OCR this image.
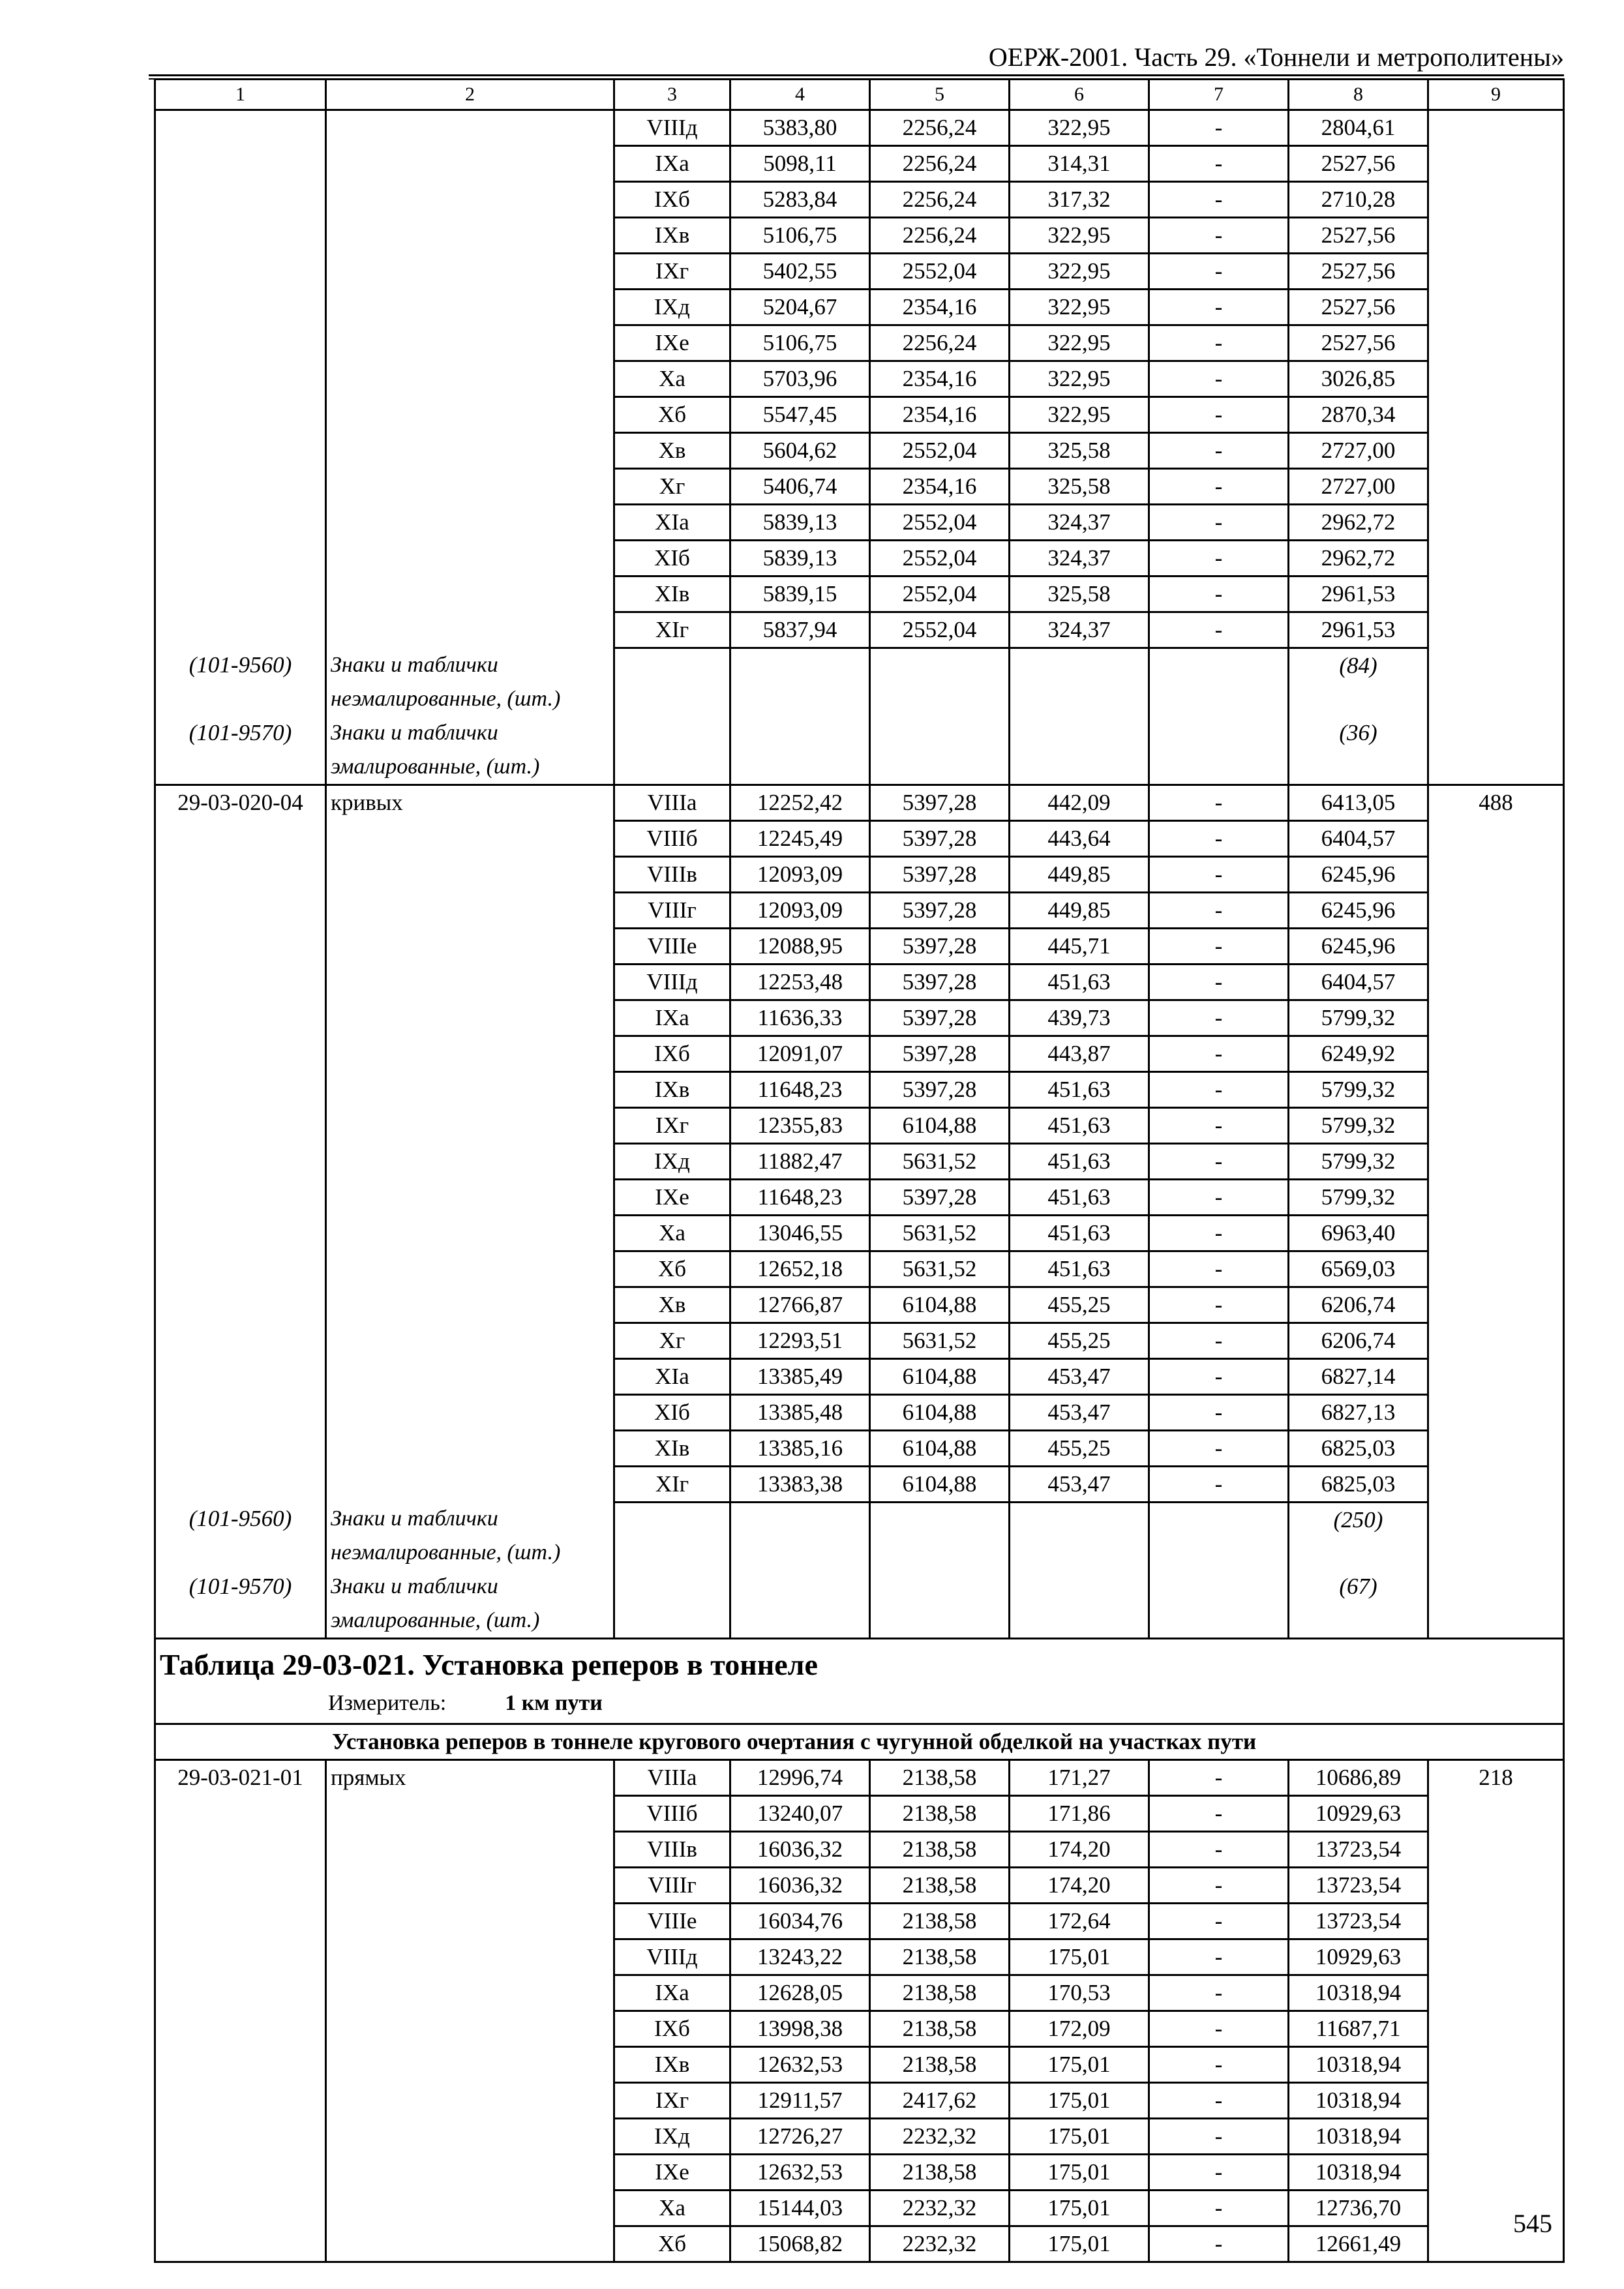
ОЕРЖ-2001. Часть 29. «Тоннели и метрополитены»
1	2	3	4	5	6	7	8	9
		VIIIд	5383,80	2256,24	322,95	-	2804,61	
		IXа	5098,11	2256,24	314,31	-	2527,56	
		IXб	5283,84	2256,24	317,32	-	2710,28	
		IXв	5106,75	2256,24	322,95	-	2527,56	
		IXг	5402,55	2552,04	322,95	-	2527,56	
		IXд	5204,67	2354,16	322,95	-	2527,56	
		IXе	5106,75	2256,24	322,95	-	2527,56	
		Xа	5703,96	2354,16	322,95	-	3026,85	
		Xб	5547,45	2354,16	322,95	-	2870,34	
		Xв	5604,62	2552,04	325,58	-	2727,00	
		Xг	5406,74	2354,16	325,58	-	2727,00	
		XIа	5839,13	2552,04	324,37	-	2962,72	
		XIб	5839,13	2552,04	324,37	-	2962,72	
		XIв	5839,15	2552,04	325,58	-	2961,53	
		XIг	5837,94	2552,04	324,37	-	2961,53	
(101-9560)	Знаки и таблички неэмалированные, (шт.)						(84)	
(101-9570)	Знаки и таблички эмалированные, (шт.)						(36)	
29-03-020-04	кривых	VIIIа	12252,42	5397,28	442,09	-	6413,05	488
		VIIIб	12245,49	5397,28	443,64	-	6404,57	
		VIIIв	12093,09	5397,28	449,85	-	6245,96	
		VIIIг	12093,09	5397,28	449,85	-	6245,96	
		VIIIе	12088,95	5397,28	445,71	-	6245,96	
		VIIIд	12253,48	5397,28	451,63	-	6404,57	
		IXа	11636,33	5397,28	439,73	-	5799,32	
		IXб	12091,07	5397,28	443,87	-	6249,92	
		IXв	11648,23	5397,28	451,63	-	5799,32	
		IXг	12355,83	6104,88	451,63	-	5799,32	
		IXд	11882,47	5631,52	451,63	-	5799,32	
		IXе	11648,23	5397,28	451,63	-	5799,32	
		Xа	13046,55	5631,52	451,63	-	6963,40	
		Xб	12652,18	5631,52	451,63	-	6569,03	
		Xв	12766,87	6104,88	455,25	-	6206,74	
		Xг	12293,51	5631,52	455,25	-	6206,74	
		XIа	13385,49	6104,88	453,47	-	6827,14	
		XIб	13385,48	6104,88	453,47	-	6827,13	
		XIв	13385,16	6104,88	455,25	-	6825,03	
		XIг	13383,38	6104,88	453,47	-	6825,03	
(101-9560)	Знаки и таблички неэмалированные, (шт.)						(250)	
(101-9570)	Знаки и таблички эмалированные, (шт.)						(67)	

Таблица 29-03-021. Установка реперов в тоннеле
Измеритель: 1 км пути								

Установка реперов в тоннеле кругового очертания с чугунной обделкой на участках пути								
29-03-021-01	прямых	VIIIа	12996,74	2138,58	171,27	-	10686,89	218
		VIIIб	13240,07	2138,58	171,86	-	10929,63	
		VIIIв	16036,32	2138,58	174,20	-	13723,54	
		VIIIг	16036,32	2138,58	174,20	-	13723,54	
		VIIIе	16034,76	2138,58	172,64	-	13723,54	
		VIIIд	13243,22	2138,58	175,01	-	10929,63	
		IXа	12628,05	2138,58	170,53	-	10318,94	
		IXб	13998,38	2138,58	172,09	-	11687,71	
		IXв	12632,53	2138,58	175,01	-	10318,94	
		IXг	12911,57	2417,62	175,01	-	10318,94	
		IXд	12726,27	2232,32	175,01	-	10318,94	
		IXе	12632,53	2138,58	175,01	-	10318,94	
		Xа	15144,03	2232,32	175,01	-	12736,70	
		Xб	15068,82	2232,32	175,01	-	12661,49	
545
